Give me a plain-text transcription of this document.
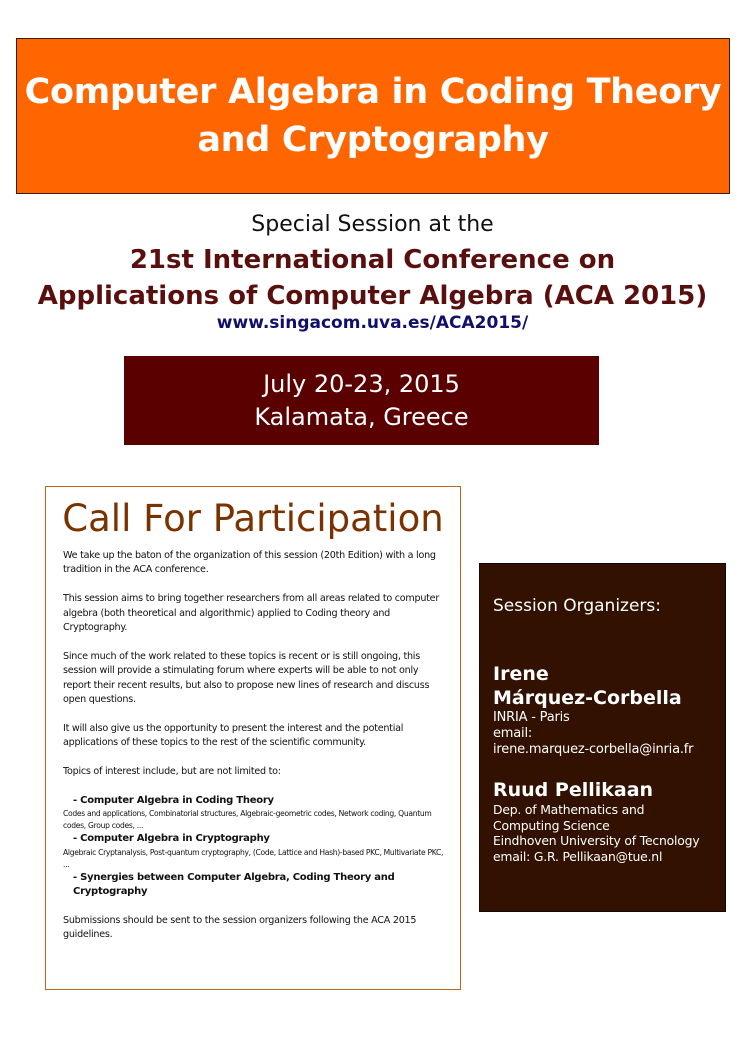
Computer Algebra in Coding Theory
and Cryptography
Special Session at the
21st International Conference on
Applications of Computer Algebra (ACA 2015)
www.singacom.uva.es/ACA2015/
July 20-23, 2015
Kalamata, Greece
Call For Participation

We take up the baton of the organization of this session (20th Edition) with a long tradition in the ACA conference.

This session aims to bring together researchers from all areas related to computer algebra (both theoretical and algorithmic) applied to Coding theory and Cryptography.

Since much of the work related to these topics is recent or is still ongoing, this session will provide a stimulating forum where experts will be able to not only report their recent results, but also to propose new lines of research and discuss open questions.

It will also give us the opportunity to present the interest and the potential applications of these topics to the rest of the scientific community.

Topics of interest include, but are not limited to:

- Computer Algebra in Coding Theory
Codes and applications, Combinatorial structures, Algebraic-geometric codes, Network coding, Quantum codes, Group codes, ...
- Computer Algebra in Cryptography
Algebraic Cryptanalysis, Post-quantum cryptography, (Code, Lattice and Hash)-based PKC, Multivariate PKC, ...
- Synergies between Computer Algebra, Coding Theory and Cryptography

Submissions should be sent to the session organizers following the ACA 2015 guidelines.

Session Organizers:
Irene
Márquez-Corbella
INRIA - Paris
email:
irene.marquez-corbella@inria.fr
Ruud Pellikaan
Dep. of Mathematics and
Computing Science
Eindhoven University of Tecnology
email: G.R. Pellikaan@tue.nl
